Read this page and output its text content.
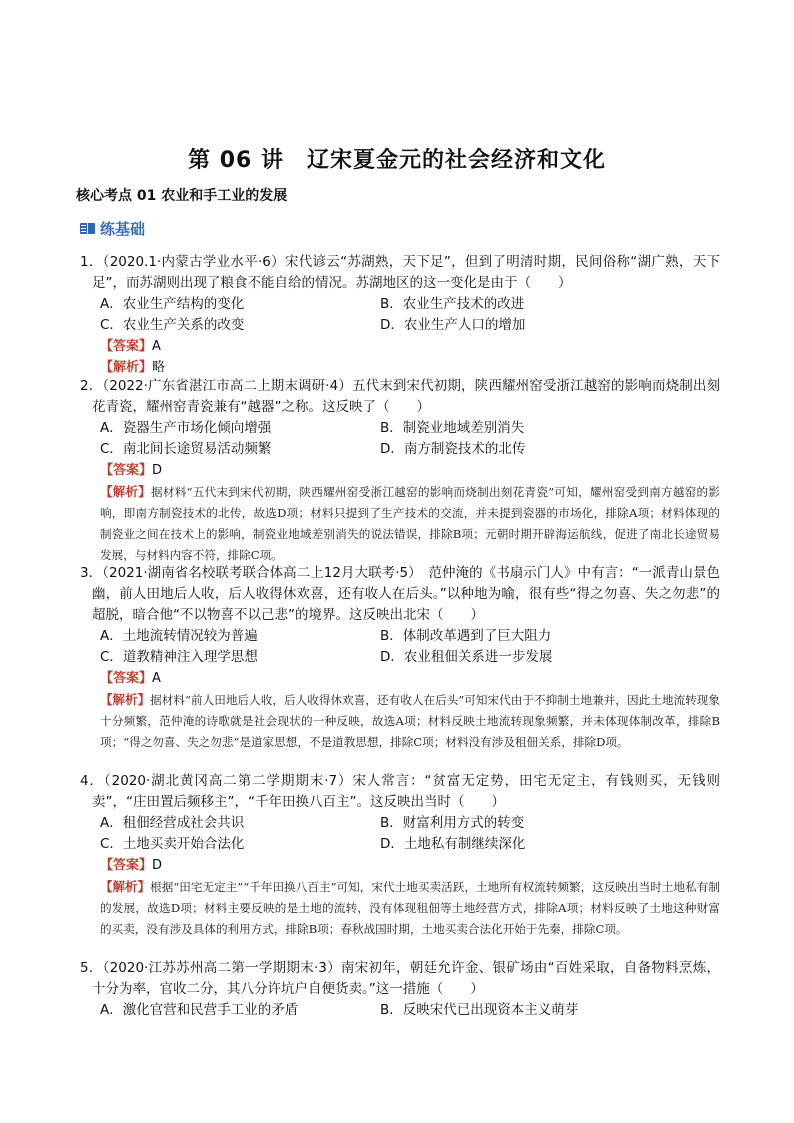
第 06 讲　辽宋夏金元的社会经济和文化
核心考点 01 农业和手工业的发展
练基础
1．（2020.1·内蒙古学业水平·6）宋代谚云“苏湖熟，天下足”，但到了明清时期，民间俗称“湖广熟，天下足”，而苏湖则出现了粮食不能自给的情况。苏湖地区的这一变化是由于（　　）
A．农业生产结构的变化	B．农业生产技术的改进
C．农业生产关系的改变	D．农业生产人口的增加
【答案】A
【解析】略
2．（2022·广东省湛江市高二上期末调研·4）五代末到宋代初期，陕西耀州窑受浙江越窑的影响而烧制出刻花青瓷，耀州窑青瓷兼有“越器”之称。这反映了（　　）
A．瓷器生产市场化倾向增强	B．制瓷业地域差别消失
C．南北间长途贸易活动频繁	D．南方制瓷技术的北传
【答案】D
【解析】据材料“五代末到宋代初期，陕西耀州窑受浙江越窑的影响而烧制出刻花青瓷”可知，耀州窑受到南方越窑的影响，即南方制瓷技术的北传，故选D项；材料只提到了生产技术的交流，并未提到瓷器的市场化，排除A项；材料体现的制瓷业之间在技术上的影响，制瓷业地域差别消失的说法错误，排除B项；元朝时期开辟海运航线，促进了南北长途贸易发展，与材料内容不符，排除C项。
3．（2021·湖南省名校联考联合体高二上12月大联考·5）　范仲淹的《书扇示门人》中有言：“一派青山景色幽，前人田地后人收，后人收得休欢喜，还有收人在后头。”以种地为喻，很有些“得之勿喜、失之勿悲”的超脱，暗合他“不以物喜不以己悲”的境界。这反映出北宋（　　）
A．土地流转情况较为普遍	B．体制改革遇到了巨大阻力
C．道教精神注入理学思想	D．农业租佃关系进一步发展
【答案】A
【解析】据材料“前人田地后人收，后人收得休欢喜，还有收人在后头”可知宋代由于不抑制土地兼并，因此土地流转现象十分频繁，范仲淹的诗歌就是社会现状的一种反映，故选A项；材料反映土地流转现象频繁，并未体现体制改革，排除B项；“得之勿喜、失之勿悲”是道家思想，不是道教思想，排除C项；材料没有涉及租佃关系，排除D项。
4．（2020·湖北黄冈高二第二学期期末·7）宋人常言：“贫富无定势，田宅无定主，有钱则买，无钱则卖”，“庄田置后频移主”，“千年田换八百主”。这反映出当时（　　）
A．租佃经营成社会共识	B．财富利用方式的转变
C．土地买卖开始合法化	D．土地私有制继续深化
【答案】D
【解析】根据“田宅无定主”“千年田换八百主”可知，宋代土地买卖活跃，土地所有权流转频繁，这反映出当时土地私有制的发展，故选D项；材料主要反映的是土地的流转，没有体现租佃等土地经营方式，排除A项；材料反映了土地这种财富的买卖，没有涉及具体的利用方式，排除B项；春秋战国时期，土地买卖合法化开始于先秦，排除C项。
5．（2020·江苏苏州高二第一学期期末·3）南宋初年，朝廷允许金、银矿场由“百姓采取，自备物料烹炼，十分为率，官收二分，其八分许坑户自便货卖。”这一措施（　　）
A．激化官营和民营手工业的矛盾	B．反映宋代已出现资本主义萌芽
